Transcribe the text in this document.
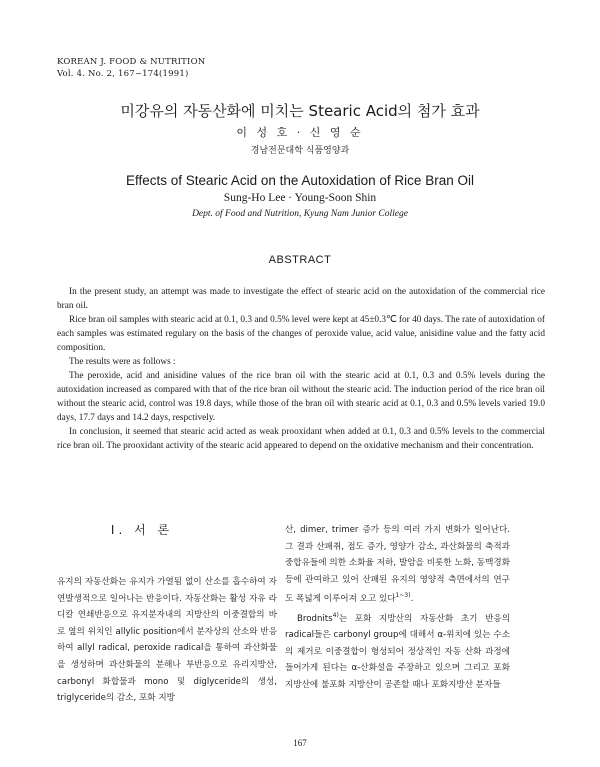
KOREAN J. FOOD & NUTRITION
Vol. 4. No. 2, 167~174(1991)
미강유의 자동산화에 미치는 Stearic Acid의 첨가 효과
이 성 호 · 신 영 순
경남전문대학 식품영양과
Effects of Stearic Acid on the Autoxidation of Rice Bran Oil
Sung-Ho Lee · Young-Soon Shin
Dept. of Food and Nutrition, Kyung Nam Junior College
ABSTRACT

In the present study, an attempt was made to investigate the effect of stearic acid on the autoxidation of the commercial rice bran oil.

Rice bran oil samples with stearic acid at 0.1, 0.3 and 0.5% level were kept at 45±0.3℃ for 40 days. The rate of autoxidation of each samples was estimated regulary on the basis of the changes of peroxide value, acid value, anisidine value and the fatty acid composition.

The results were as follows :

The peroxide, acid and anisidine values of the rice bran oil with the stearic acid at 0.1, 0.3 and 0.5% levels during the autoxidation increased as compared with that of the rice bran oil without the stearic acid. The induction period of the rice bran oil without the stearic acid, control was 19.8 days, while those of the bran oil with stearic acid at 0.1, 0.3 and 0.5% levels varied 19.0 days, 17.7 days and 14.2 days, respctively.

In conclusion, it seemed that stearic acid acted as weak prooxidant when added at 0.1, 0.3 and 0.5% levels to the commercial rice bran oil. The prooxidant activity of the stearic acid appeared to depend on the oxidative mechanism and their concentration.

I. 서 론

유지의 자동산화는 유지가 가열됨 없이 산소를 흡수하여 자연발생적으로 일어나는 반응이다. 자동산화는 활성 자유 라디칼 연쇄반응으로 유지분자내의 지방산의 이중결합의 바로 옆의 위치인 allylic position에서 분자상의 산소와 반응하여 allyl radical, peroxide radical을 통하여 과산화물을 생성하며 과산화물의 분해나 부반응으로 유리지방산, carbonyl 화합물과 mono 및 diglyceride의 생성, triglyceride의 감소, 포화 지방

산, dimer, trimer 증가 등의 여러 가지 변화가 일어난다. 그 결과 산패취, 점도 증가, 영양가 감소, 과산화물의 축적과 중합유들에 의한 소화율 저하, 발암을 비롯한 노화, 동맥경화 등에 관여하고 있어 산패된 유지의 영양적 측면에서의 연구도 폭넓게 이루어져 오고 있다$^{1\sim 3)}$.

Brodnits$^{4)}$는 포화 지방산의 자동산화 초기 반응의 radical들은 carbonyl group에 대해서 α-위치에 있는 수소의 제거로 이중결합이 형성되어 정상적인 자동 산화 과정에 들어가게 된다는 α-산화설을 주장하고 있으며 그리고 포화 지방산에 불포화 지방산이 공존할 때나 포화지방산 분자들

167
